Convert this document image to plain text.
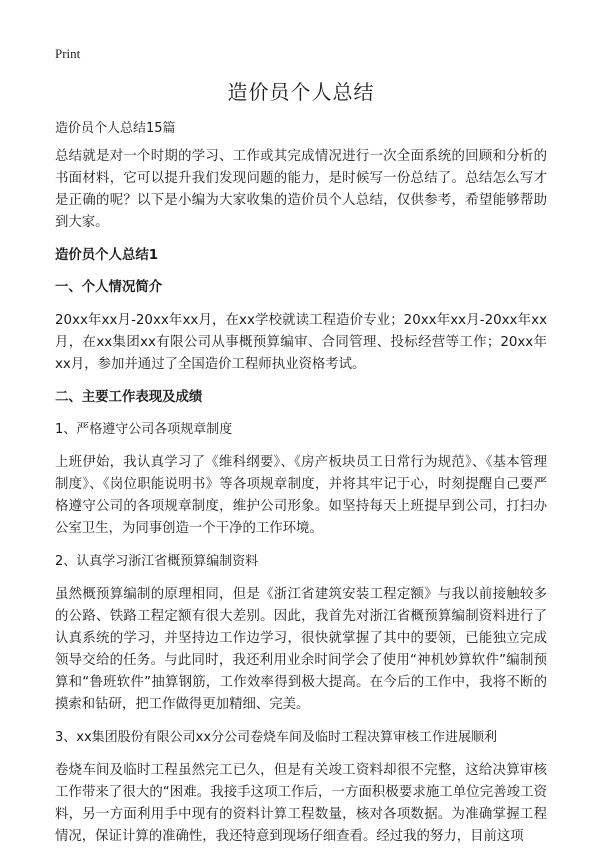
Print
造价员个人总结
造价员个人总结15篇

总结就是对一个时期的学习、工作或其完成情况进行一次全面系统的回顾和分析的书面材料，它可以提升我们发现问题的能力，是时候写一份总结了。总结怎么写才是正确的呢？以下是小编为大家收集的造价员个人总结，仅供参考，希望能够帮助到大家。

造价员个人总结1
一、个人情况简介

20xx年xx月-20xx年xx月，在xx学校就读工程造价专业；20xx年xx月-20xx年xx月，在xx集团xx有限公司从事概预算编审、合同管理、投标经营等工作；20xx年xx月，参加并通过了全国造价工程师执业资格考试。

二、主要工作表现及成绩
1、严格遵守公司各项规章制度

上班伊始，我认真学习了《维科纲要》、《房产板块员工日常行为规范》、《基本管理制度》、《岗位职能说明书》等各项规章制度，并将其牢记于心，时刻提醒自己要严格遵守公司的各项规章制度，维护公司形象。如坚持每天上班提早到公司，打扫办公室卫生，为同事创造一个干净的工作环境。

2、认真学习浙江省概预算编制资料

虽然概预算编制的原理相同，但是《浙江省建筑安装工程定额》与我以前接触较多的公路、铁路工程定额有很大差别。因此，我首先对浙江省概预算编制资料进行了认真系统的学习，并坚持边工作边学习，很快就掌握了其中的要领，已能独立完成领导交给的任务。与此同时，我还利用业余时间学会了使用“神机妙算软件”编制预算和“鲁班软件”抽算钢筋，工作效率得到极大提高。在今后的工作中，我将不断的摸索和钻研，把工作做得更加精细、完美。

3、xx集团股份有限公司xx分公司卷烧车间及临时工程决算审核工作进展顺利

卷烧车间及临时工程虽然完工已久，但是有关竣工资料却很不完整，这给决算审核工作带来了很大的“困难。我接手这项工作后，一方面积极要求施工单位完善竣工资料，另一方面利用手中现有的资料计算工程数量，核对各项数据。为准确掌握工程情况，保证计算的准确性，我还特意到现场仔细查看。经过我的努力，目前这项
